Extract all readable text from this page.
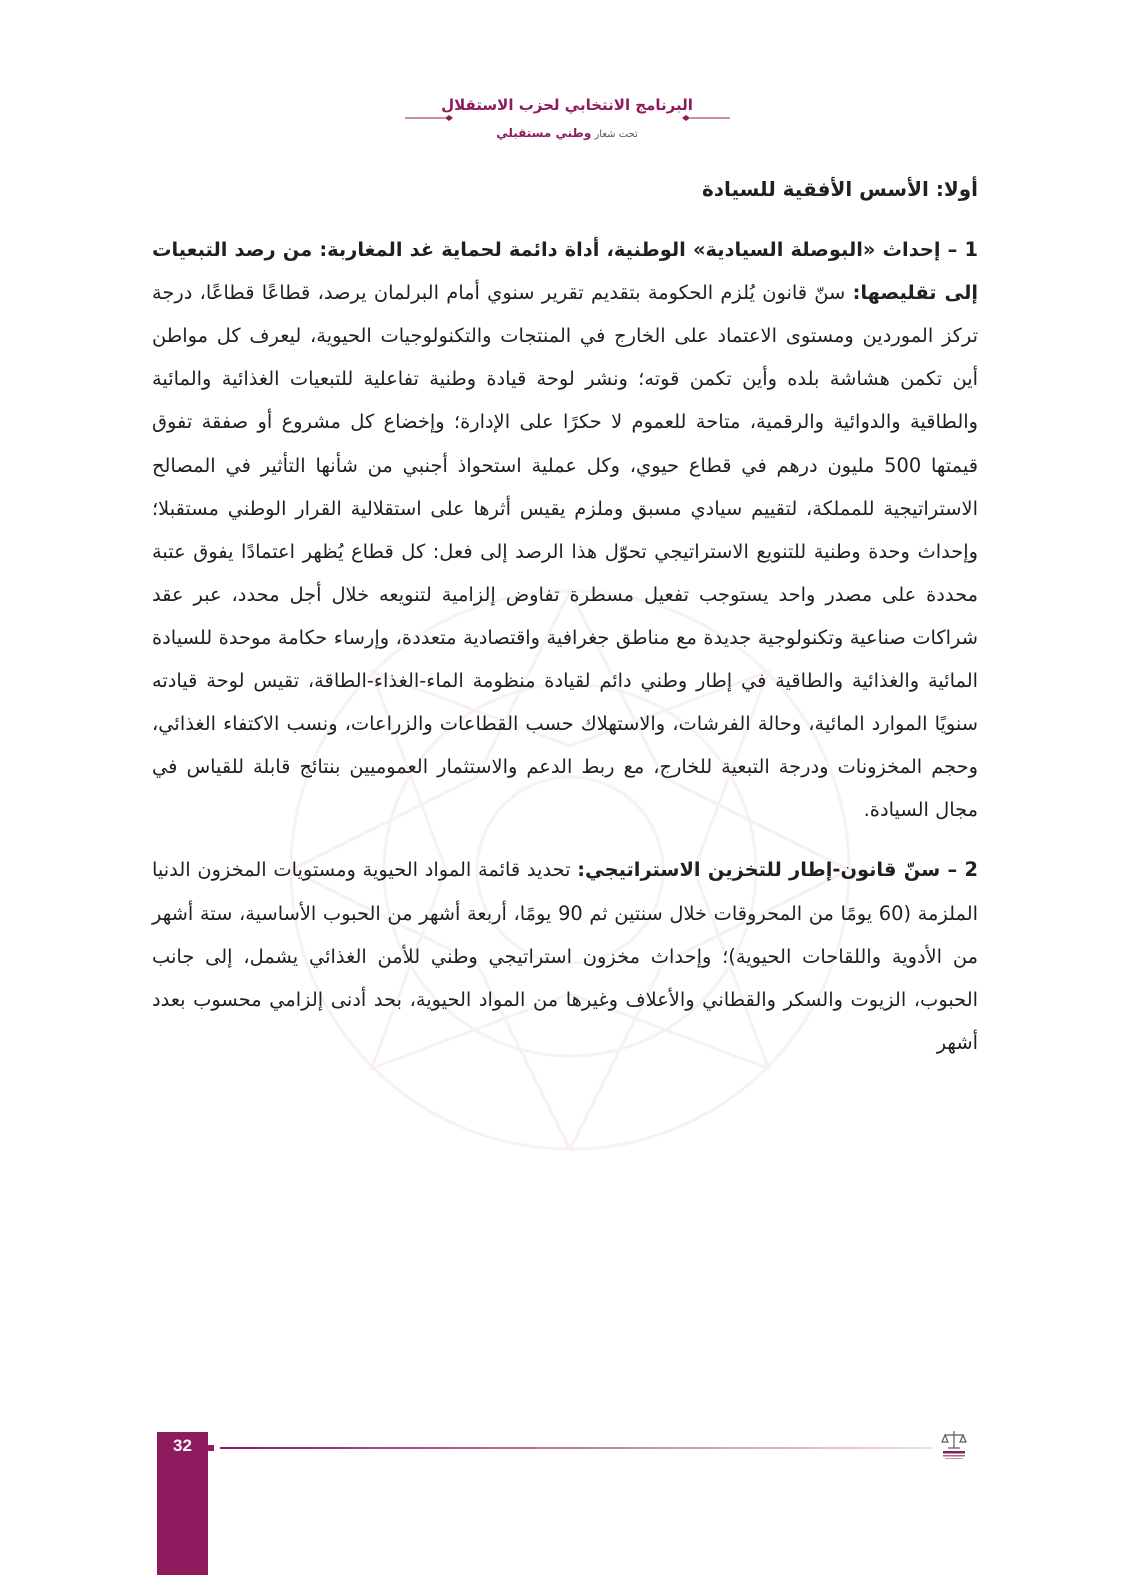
البرنامج الانتخابي لحزب الاستقلال
تحت شعار وطني مستقبلي

أولا: الأسس الأفقية للسيادة

1 – إحداث «البوصلة السيادية» الوطنية، أداة دائمة لحماية غد المغاربة: من رصد التبعيات إلى تقليصها: سنّ قانون يُلزم الحكومة بتقديم تقرير سنوي أمام البرلمان يرصد، قطاعًا قطاعًا، درجة تركز الموردين ومستوى الاعتماد على الخارج في المنتجات والتكنولوجيات الحيوية، ليعرف كل مواطن أين تكمن هشاشة بلده وأين تكمن قوته؛ ونشر لوحة قيادة وطنية تفاعلية للتبعيات الغذائية والمائية والطاقية والدوائية والرقمية، متاحة للعموم لا حكرًا على الإدارة؛ وإخضاع كل مشروع أو صفقة تفوق قيمتها 500 مليون درهم في قطاع حيوي، وكل عملية استحواذ أجنبي من شأنها التأثير في المصالح الاستراتيجية للمملكة، لتقييم سيادي مسبق وملزم يقيس أثرها على استقلالية القرار الوطني مستقبلا؛ وإحداث وحدة وطنية للتنويع الاستراتيجي تحوّل هذا الرصد إلى فعل: كل قطاع يُظهر اعتمادًا يفوق عتبة محددة على مصدر واحد يستوجب تفعيل مسطرة تفاوض إلزامية لتنويعه خلال أجل محدد، عبر عقد شراكات صناعية وتكنولوجية جديدة مع مناطق جغرافية واقتصادية متعددة، وإرساء حكامة موحدة للسيادة المائية والغذائية والطاقية في إطار وطني دائم لقيادة منظومة الماء-الغذاء-الطاقة، تقيس لوحة قيادته سنويًا الموارد المائية، وحالة الفرشات، والاستهلاك حسب القطاعات والزراعات، ونسب الاكتفاء الغذائي، وحجم المخزونات ودرجة التبعية للخارج، مع ربط الدعم والاستثمار العموميين بنتائج قابلة للقياس في مجال السيادة.

2 – سنّ قانون-إطار للتخزين الاستراتيجي: تحديد قائمة المواد الحيوية ومستويات المخزون الدنيا الملزمة (60 يومًا من المحروقات خلال سنتين ثم 90 يومًا، أربعة أشهر من الحبوب الأساسية، ستة أشهر من الأدوية واللقاحات الحيوية)؛ وإحداث مخزون استراتيجي وطني للأمن الغذائي يشمل، إلى جانب الحبوب، الزيوت والسكر والقطاني والأعلاف وغيرها من المواد الحيوية، بحد أدنى إلزامي محسوب بعدد أشهر

32
